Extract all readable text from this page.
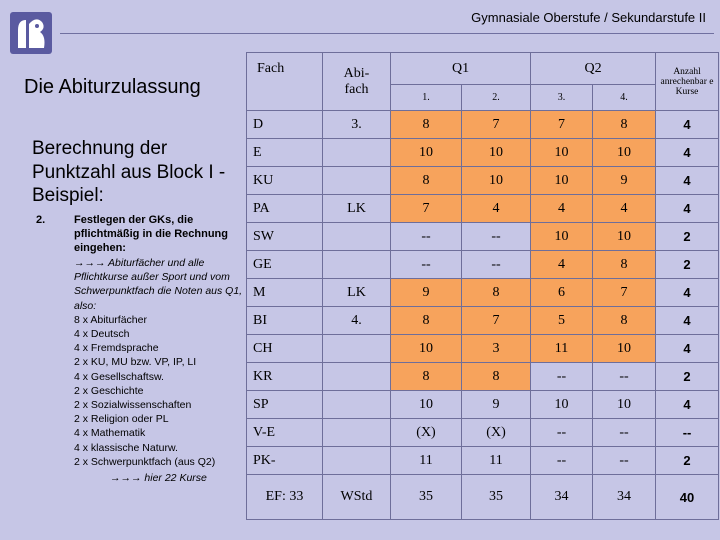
Gymnasiale Oberstufe / Sekundarstufe II
Die Abiturzulassung
Berechnung der Punktzahl aus Block I - Beispiel:
2.	Festlegen der GKs, die pflichtmäßig in die Rechnung eingehen:
→→→ Abiturfächer und alle Pflichtkurse außer Sport und vom Schwerpunktfach die Noten aus Q1, also:
8 x Abiturfächer
4 x Deutsch
4 x Fremdsprache
2 x KU, MU bzw. VP, IP, LI
4 x Gesellschaftsw.
2 x Geschichte
2 x Sozialwissenschaften
2 x Religion oder PL
4 x Mathematik
4 x klassische Naturw.
2 x Schwerpunktfach (aus Q2)
→→→ hier 22 Kurse
Fach	Abi-
fach	Q1		Q2		Anzahl anrechenbar e Kurse
		1.	2.	3.	4.	
D	3.	8	7	7	8	4
E		10	10	10	10	4
KU		8	10	10	9	4
PA	LK	7	4	4	4	4
SW		--	--	10	10	2
GE		--	--	4	8	2
M	LK	9	8	6	7	4
BI	4.	8	7	5	8	4
CH		10	3	11	10	4
KR		8	8	--	--	2
SP		10	9	10	10	4
V-E		(X)	(X)	--	--	--
PK-		11	11	--	--	2
EF: 33	WStd	35	35	34	34	40
